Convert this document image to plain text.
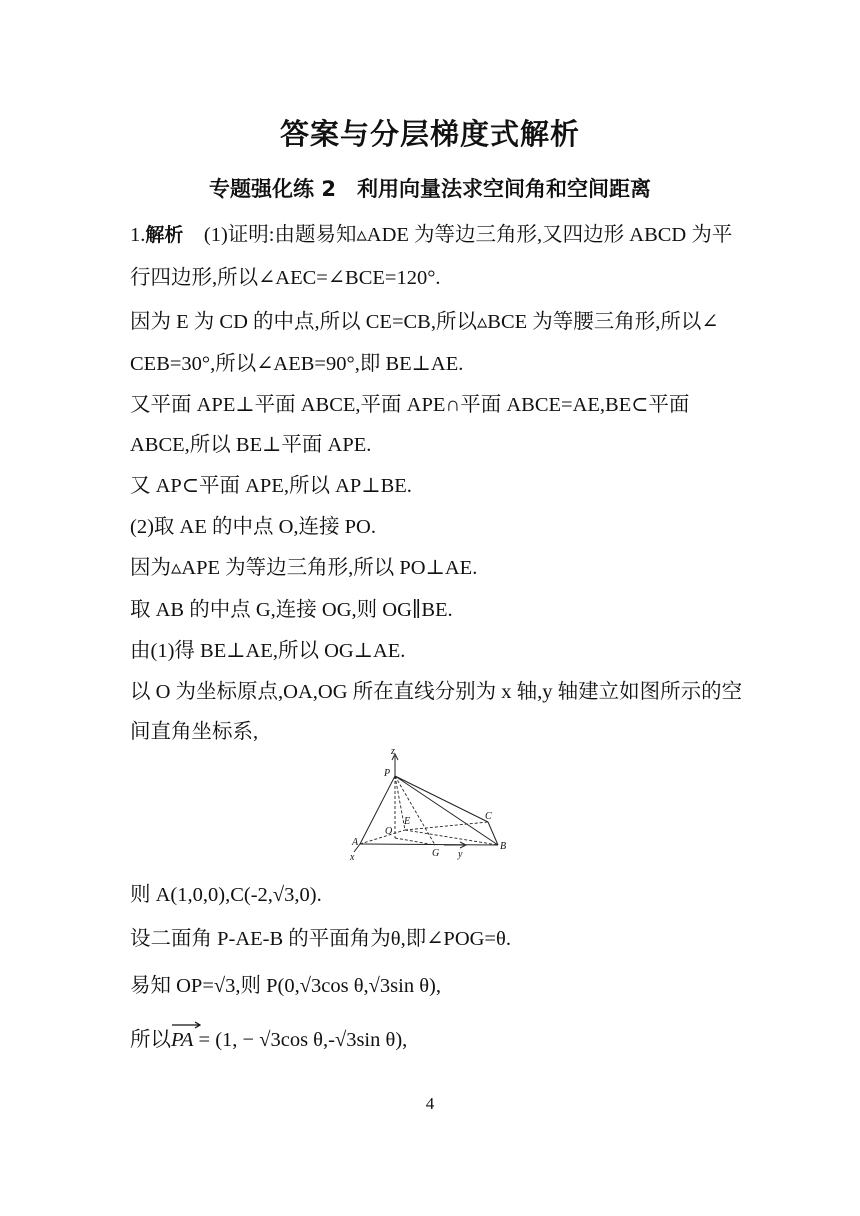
答案与分层梯度式解析
专题强化练 2　利用向量法求空间角和空间距离
1.解析　 (1)证明:由题易知▵ADE 为等边三角形,又四边形 ABCD 为平
行四边形,所以∠AEC=∠BCE=120°.
因为 E 为 CD 的中点,所以 CE=CB,所以▵BCE 为等腰三角形,所以∠
CEB=30°,所以∠AEB=90°,即 BE⊥AE.
又平面 APE⊥平面 ABCE,平面 APE∩平面 ABCE=AE,BE⊂平面
ABCE,所以 BE⊥平面 APE.
又 AP⊂平面 APE,所以 AP⊥BE.
(2)取 AE 的中点 O,连接 PO.
因为▵APE 为等边三角形,所以 PO⊥AE.
取 AB 的中点 G,连接 OG,则 OG∥BE.
由(1)得 BE⊥AE,所以 OG⊥AE.
以 O 为坐标原点,OA,OG 所在直线分别为 x 轴,y 轴建立如图所示的空
间直角坐标系,
z
P
E
O
C
A
x	G y
B
则 A(1,0,0),C(-2,√3,0).
设二面角 P-AE-B 的平面角为θ,即∠POG=θ.
易知 OP=√3,则 P(0,√3cos θ,√3sin θ),
所以
PA = (1, − √3cos θ,-√3sin θ),
4
